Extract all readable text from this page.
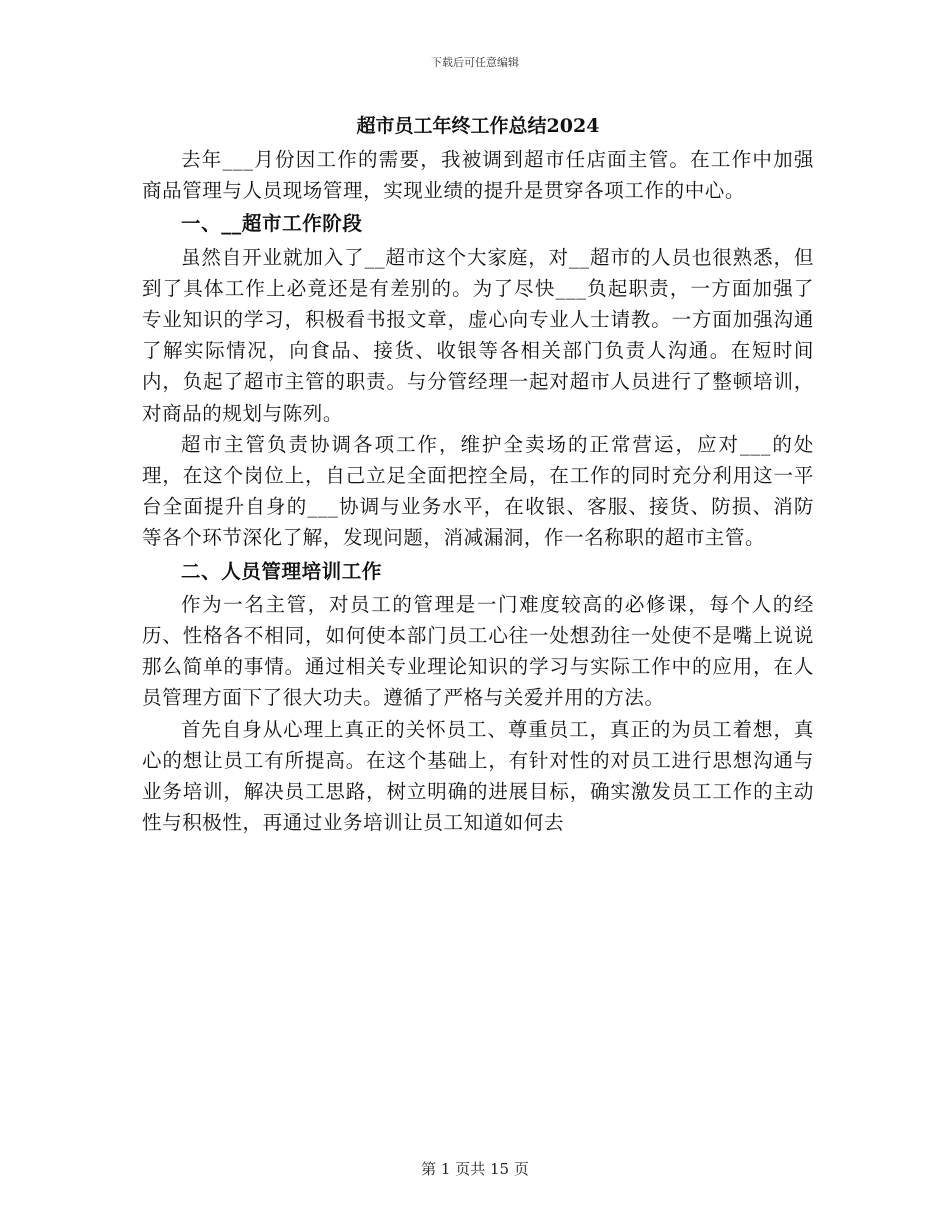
下载后可任意编辑
超市员工年终工作总结2024

去年___月份因工作的需要，我被调到超市任店面主管。在工作中加强商品管理与人员现场管理，实现业绩的提升是贯穿各项工作的中心。

一、__超市工作阶段

虽然自开业就加入了__超市这个大家庭，对__超市的人员也很熟悉，但到了具体工作上必竟还是有差别的。为了尽快___负起职责，一方面加强了专业知识的学习，积极看书报文章，虚心向专业人士请教。一方面加强沟通了解实际情况，向食品、接货、收银等各相关部门负责人沟通。在短时间内，负起了超市主管的职责。与分管经理一起对超市人员进行了整顿培训，对商品的规划与陈列。

超市主管负责协调各项工作，维护全卖场的正常营运，应对___的处理，在这个岗位上，自己立足全面把控全局，在工作的同时充分利用这一平台全面提升自身的___协调与业务水平，在收银、客服、接货、防损、消防等各个环节深化了解，发现问题，消减漏洞，作一名称职的超市主管。

二、人员管理培训工作

作为一名主管，对员工的管理是一门难度较高的必修课，每个人的经历、性格各不相同，如何使本部门员工心往一处想劲往一处使不是嘴上说说那么简单的事情。通过相关专业理论知识的学习与实际工作中的应用，在人员管理方面下了很大功夫。遵循了严格与关爱并用的方法。

首先自身从心理上真正的关怀员工、尊重员工，真正的为员工着想，真心的想让员工有所提高。在这个基础上，有针对性的对员工进行思想沟通与业务培训，解决员工思路，树立明确的进展目标，确实激发员工工作的主动性与积极性，再通过业务培训让员工知道如何去

第 1 页共 15 页
